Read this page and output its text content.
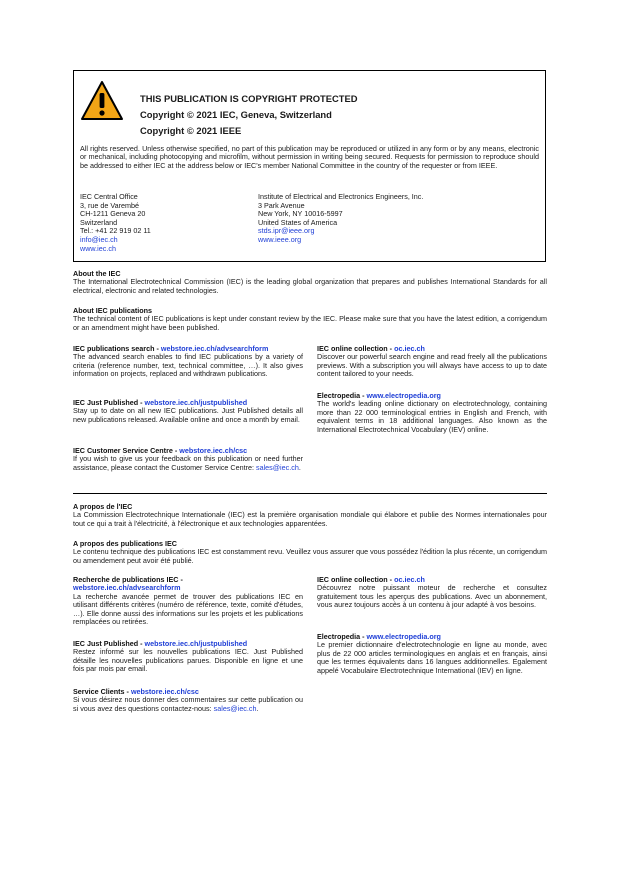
THIS PUBLICATION IS COPYRIGHT PROTECTED
Copyright © 2021 IEC, Geneva, Switzerland
Copyright © 2021 IEEE
All rights reserved. Unless otherwise specified, no part of this publication may be reproduced or utilized in any form or by any means, electronic or mechanical, including photocopying and microfilm, without permission in writing being secured. Requests for permission to reproduce should be addressed to either IEC at the address below or IEC's member National Committee in the country of the requester or from IEEE.
IEC Central Office
3, rue de Varembé
CH-1211 Geneva 20
Switzerland
Tel.: +41 22 919 02 11
info@iec.ch
www.iec.ch
Institute of Electrical and Electronics Engineers, Inc.
3 Park Avenue
New York, NY 10016-5997
United States of America
stds.ipr@ieee.org
www.ieee.org
About the IEC
The International Electrotechnical Commission (IEC) is the leading global organization that prepares and publishes International Standards for all electrical, electronic and related technologies.
About IEC publications
The technical content of IEC publications is kept under constant review by the IEC. Please make sure that you have the latest edition, a corrigendum or an amendment might have been published.
IEC publications search - webstore.iec.ch/advsearchform
The advanced search enables to find IEC publications by a variety of criteria (reference number, text, technical committee, …). It also gives information on projects, replaced and withdrawn publications.
IEC Just Published - webstore.iec.ch/justpublished
Stay up to date on all new IEC publications. Just Published details all new publications released. Available online and once a month by email.
IEC Customer Service Centre - webstore.iec.ch/csc
If you wish to give us your feedback on this publication or need further assistance, please contact the Customer Service Centre: sales@iec.ch.
IEC online collection - oc.iec.ch
Discover our powerful search engine and read freely all the publications previews. With a subscription you will always have access to up to date content tailored to your needs.
Electropedia - www.electropedia.org
The world's leading online dictionary on electrotechnology, containing more than 22 000 terminological entries in English and French, with equivalent terms in 18 additional languages. Also known as the International Electrotechnical Vocabulary (IEV) online.
A propos de l'IEC
La Commission Electrotechnique Internationale (IEC) est la première organisation mondiale qui élabore et publie des Normes internationales pour tout ce qui a trait à l'électricité, à l'électronique et aux technologies apparentées.
A propos des publications IEC
Le contenu technique des publications IEC est constamment revu. Veuillez vous assurer que vous possédez l'édition la plus récente, un corrigendum ou amendement peut avoir été publié.
Recherche de publications IEC -
webstore.iec.ch/advsearchform
La recherche avancée permet de trouver des publications IEC en utilisant différents critères (numéro de référence, texte, comité d'études, …). Elle donne aussi des informations sur les projets et les publications remplacées ou retirées.
IEC Just Published - webstore.iec.ch/justpublished
Restez informé sur les nouvelles publications IEC. Just Published détaille les nouvelles publications parues. Disponible en ligne et une fois par mois par email.
Service Clients - webstore.iec.ch/csc
Si vous désirez nous donner des commentaires sur cette publication ou si vous avez des questions contactez-nous: sales@iec.ch.
IEC online collection - oc.iec.ch
Découvrez notre puissant moteur de recherche et consultez gratuitement tous les aperçus des publications. Avec un abonnement, vous aurez toujours accès à un contenu à jour adapté à vos besoins.
Electropedia - www.electropedia.org
Le premier dictionnaire d'electrotechnologie en ligne au monde, avec plus de 22 000 articles terminologiques en anglais et en français, ainsi que les termes équivalents dans 16 langues additionnelles. Egalement appelé Vocabulaire Electrotechnique International (IEV) en ligne.
